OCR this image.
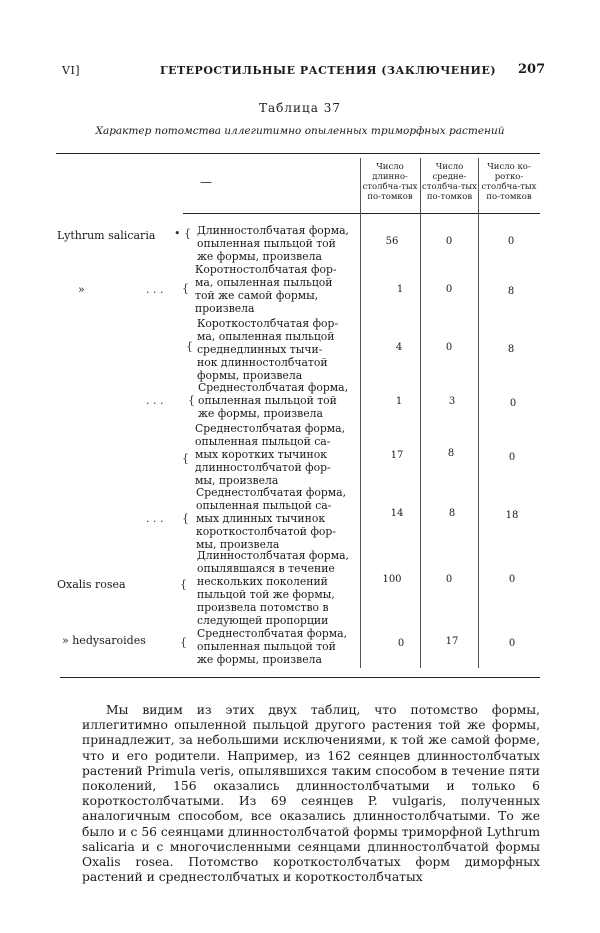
VI]	ГЕТЕРОСТИЛЬНЫЕ РАСТЕНИЯ (ЗАКЛЮЧЕНИЕ) 207
Таблица 37
Характер потомства иллегитимно опыленных триморфных растений
—
Число длинно-столбча-тых по-томков
Число средне-столбча-тых по-томков
Число ко-ротко-столбча-тых по-томков
Lythrum salicaria • { Длинностолбчатая форма,
опыленная пыльцой той
же формы, произвела
56	0	0
»	. . . {
Коротностолбчатая фор-
ма, опыленная пыльцой
той же самой формы,
произвела
1	0	8
{
Короткостолбчатая фор-
ма, опыленная пыльцой
среднедлинных тычи-
нок длинностолбчатой
формы, произвела
4	0	8
. . . {
Среднестолбчатая форма,
опыленная пыльцой той
же формы, произвела
1	3	0
{
Среднестолбчатая форма,
опыленная пыльцой са-
мых коротких тычинок
длинностолбчатой фор-
мы, произвела
17	8	0
. . . {
Среднестолбчатая форма,
опыленная пыльцой са-
мых длинных тычинок
короткостолбчатой фор-
мы, произвела
14	8	18
Oxalis rosea	{
Длинностолбчатая форма,
опылявшаяся в течение
нескольких поколений
пыльцой той же формы,
произвела потомство в
следующей пропорции
100	0	0
» hedysaroides	{
Среднестолбчатая форма,
опыленная пыльцой той
же формы, произвела
0	17	0

Мы видим из этих двух таблиц, что потомство формы, иллегитимно опыленной пыльцой другого растения той же формы, принадлежит, за небольшими исключениями, к той же самой форме, что и его родители. Например, из 162 сеянцев длинностолбчатых растений Primula veris, опылявшихся таким способом в течение пяти поколений, 156 оказались длинностолбчатыми и только 6 короткостолбчатыми. Из 69 сеянцев P. vulgaris, полученных аналогичным способом, все оказались длинностолбчатыми. То же было и с 56 сеянцами длинностолбчатой формы триморфной Lythrum salicaria и с многочисленными сеянцами длинностолбчатой формы Oxalis rosea. Потомство короткостолбчатых форм диморфных растений и среднестолбчатых и короткостолбчатых
